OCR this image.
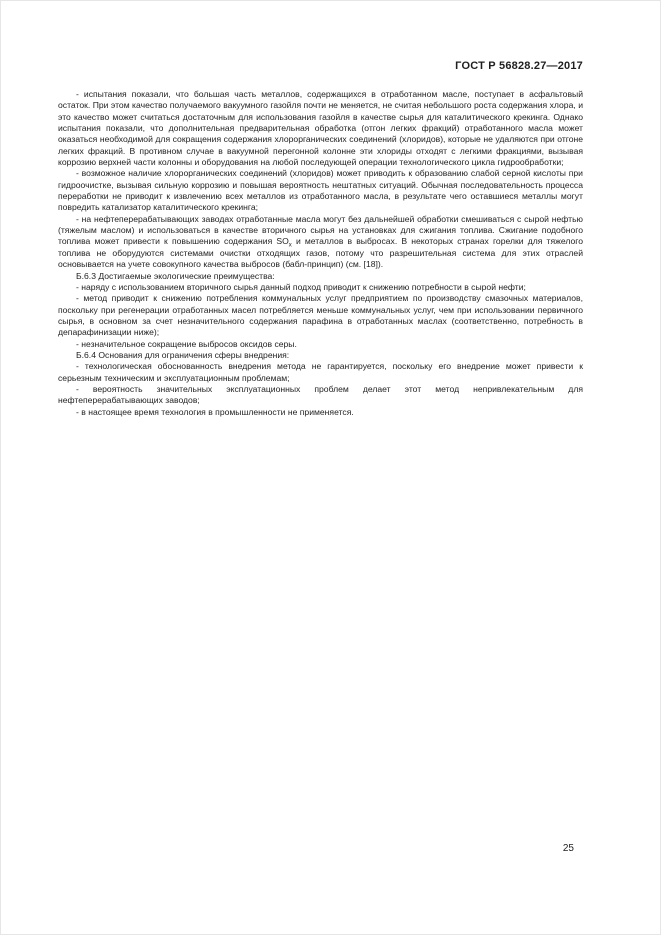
ГОСТ Р 56828.27—2017

- испытания показали, что большая часть металлов, содержащихся в отработанном масле, поступает в асфальтовый остаток. При этом качество получаемого вакуумного газойля почти не меняется, не считая небольшого роста содержания хлора, и это качество может считаться достаточным для использования газойля в качестве сырья для каталитического крекинга. Однако испытания показали, что дополнительная предварительная обработка (отгон легких фракций) отработанного масла может оказаться необходимой для сокращения содержания хлорорганических соединений (хлоридов), которые не удаляются при отгоне легких фракций. В противном случае в вакуумной перегонной колонне эти хлориды отходят с легкими фракциями, вызывая коррозию верхней части колонны и оборудования на любой последующей операции технологического цикла гидрообработки;

- возможное наличие хлорорганических соединений (хлоридов) может приводить к образованию слабой серной кислоты при гидроочистке, вызывая сильную коррозию и повышая вероятность нештатных ситуаций. Обычная последовательность процесса переработки не приводит к извлечению всех металлов из отработанного масла, в результате чего оставшиеся металлы могут повредить катализатор каталитического крекинга;

- на нефтеперерабатывающих заводах отработанные масла могут без дальнейшей обработки смешиваться с сырой нефтью (тяжелым маслом) и использоваться в качестве вторичного сырья на установках для сжигания топлива. Сжигание подобного топлива может привести к повышению содержания $SO_x$ и металлов в выбросах. В некоторых странах горелки для тяжелого топлива не оборудуются системами очистки отходящих газов, потому что разрешительная система для этих отраслей основывается на учете совокупного качества выбросов (бабл-принцип) (см. [18]).

Б.6.3 Достигаемые экологические преимущества:

- наряду с использованием вторичного сырья данный подход приводит к снижению потребности в сырой нефти;

- метод приводит к снижению потребления коммунальных услуг предприятием по производству смазочных материалов, поскольку при регенерации отработанных масел потребляется меньше коммунальных услуг, чем при использовании первичного сырья, в основном за счет незначительного содержания парафина в отработанных маслах (соответственно, потребность в депарафинизации ниже);

- незначительное сокращение выбросов оксидов серы.

Б.6.4 Основания для ограничения сферы внедрения:

- технологическая обоснованность внедрения метода не гарантируется, поскольку его внедрение может привести к серьезным техническим и эксплуатационным проблемам;

- вероятность значительных эксплуатационных проблем делает этот метод непривлекательным для нефтеперерабатывающих заводов;

- в настоящее время технология в промышленности не применяется.

25
